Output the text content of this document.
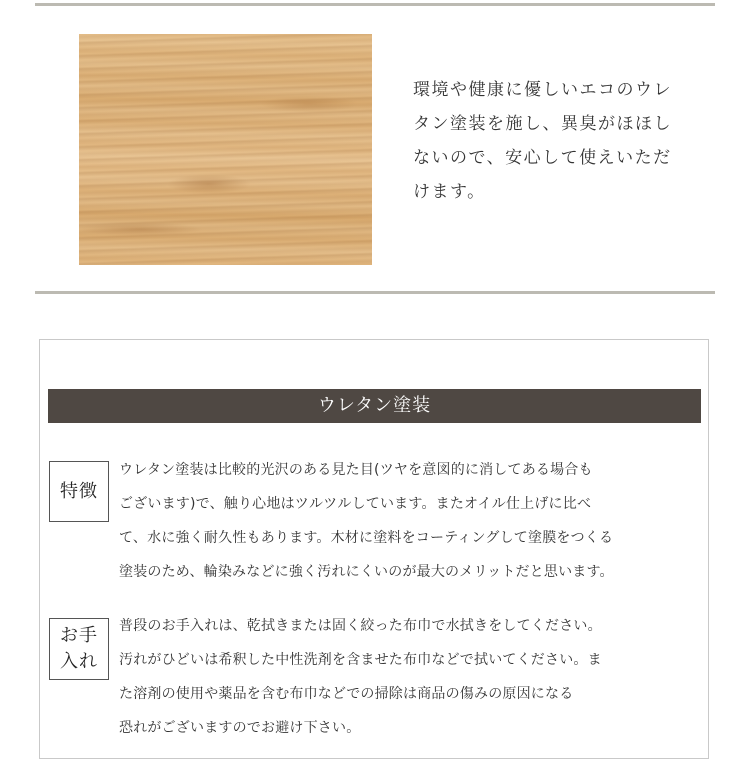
環境や健康に優しいエコのウレ
タン塗装を施し、異臭がほほし
ないので、安心して使えいただ
けます。

ウレタン塗装
特徴

ウレタン塗装は比較的光沢のある見た目(ツヤを意図的に消してある場合も
ございます)で、触り心地はツルツルしています。またオイル仕上げに比べ
て、水に強く耐久性もあります。木材に塗料をコーティングして塗膜をつくる
塗装のため、輪染みなどに強く汚れにくいのが最大のメリットだと思います。

お手
入れ

普段のお手入れは、乾拭きまたは固く絞った布巾で水拭きをしてください。
汚れがひどいは希釈した中性洗剤を含ませた布巾などで拭いてください。ま
た溶剤の使用や薬品を含む布巾などでの掃除は商品の傷みの原因になる
恐れがございますのでお避け下さい。
